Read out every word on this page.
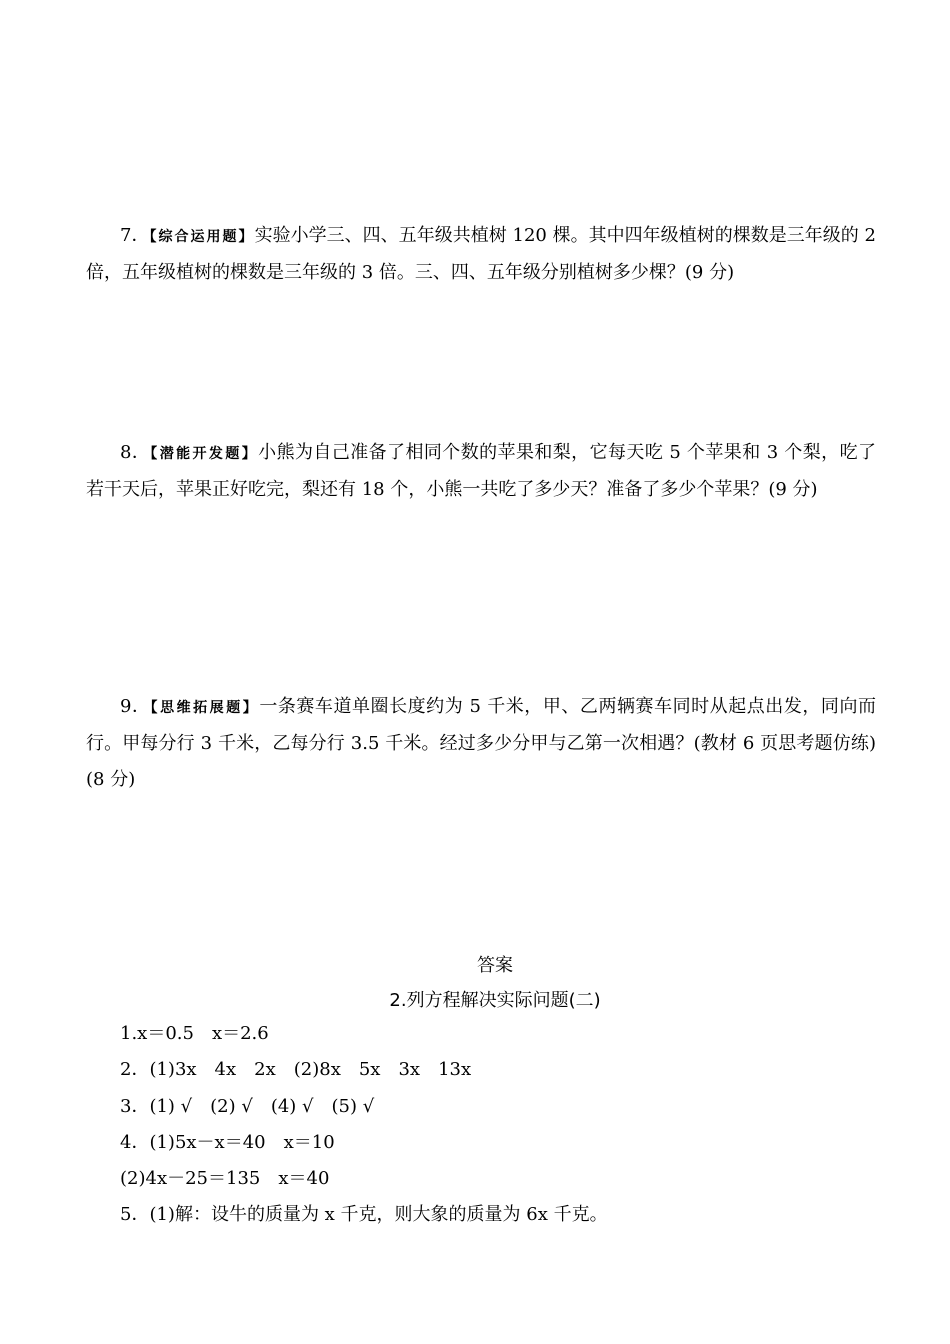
7．【综合运用题】实验小学三、四、五年级共植树 120 棵。其中四年级植树的棵数是三年级的 2 倍，五年级植树的棵数是三年级的 3 倍。三、四、五年级分别植树多少棵？(9 分)

8．【潜能开发题】小熊为自己准备了相同个数的苹果和梨，它每天吃 5 个苹果和 3 个梨，吃了若干天后，苹果正好吃完，梨还有 18 个，小熊一共吃了多少天？准备了多少个苹果？(9 分)

9．【思维拓展题】一条赛车道单圈长度约为 5 千米，甲、乙两辆赛车同时从起点出发，同向而行。甲每分行 3 千米，乙每分行 3.5 千米。经过多少分甲与乙第一次相遇？(教材 6 页思考题仿练)(8 分)

答案
2.列方程解决实际问题(二)
1.x＝0.5　x＝2.6
2．(1)3x　4x　2x　(2)8x　5x　3x　13x
3．(1) √　(2) √　(4) √　(5) √
4．(1)5x－x＝40　x＝10
(2)4x－25＝135　x＝40
5．(1)解：设牛的质量为 x 千克，则大象的质量为 6x 千克。
